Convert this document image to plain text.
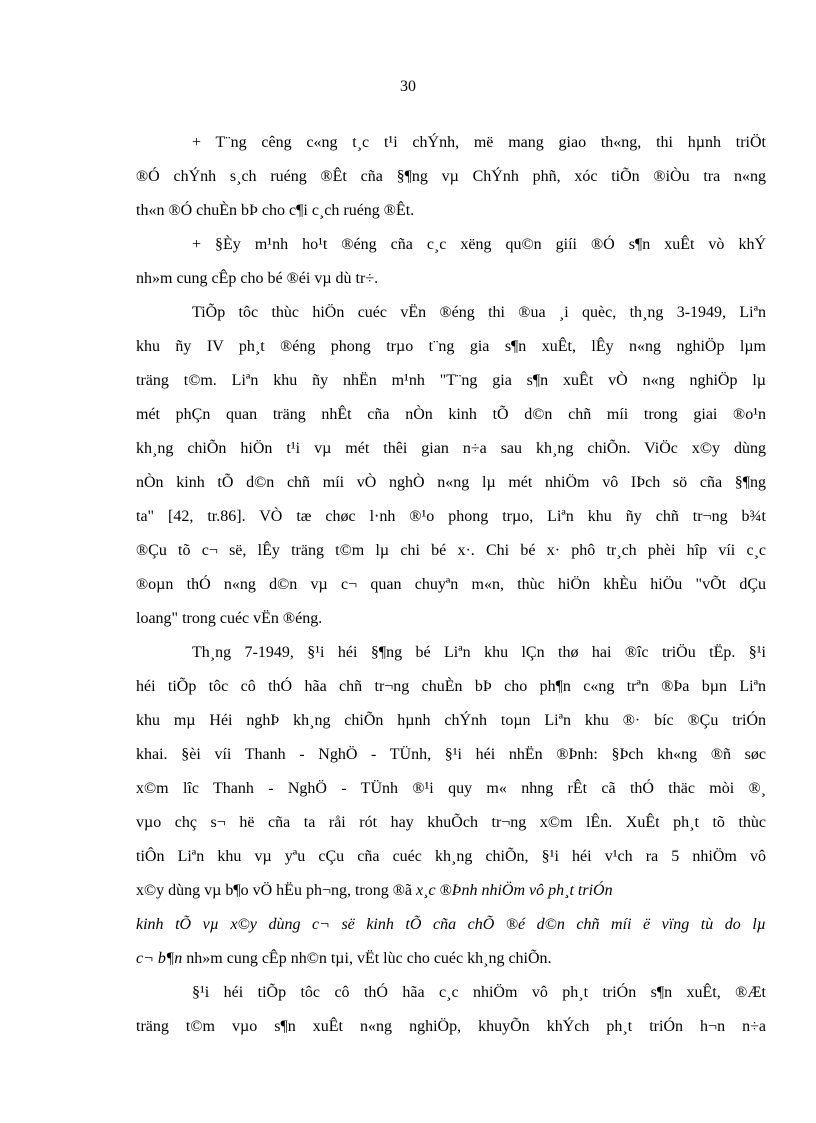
30
+ T¨ng cêng c«ng t¸c t¹i chÝnh, më mang giao th«ng, thi hµnh triÖt
®Ó chÝnh s¸ch ruéng ®Êt cña §¶ng vµ ChÝnh phñ, xóc tiÕn ®iÒu tra n«ng
th«n ®Ó chuÈn bÞ cho c¶i c¸ch ruéng ®Êt.
+ §Èy m¹nh ho¹t ®éng cña c¸c xëng qu©n giíi ®Ó s¶n xuÊt vò khÝ
nh»m cung cÊp cho bé ®éi vµ dù tr÷.
TiÕp tôc thùc hiÖn cuéc vËn ®éng thi ®ua ¸i quèc, th¸ng 3-1949, Liªn
khu ñy IV ph¸t ®éng phong trµo t¨ng gia s¶n xuÊt, lÊy n«ng nghiÖp lµm
träng t©m. Liªn khu ñy nhËn m¹nh "T¨ng gia s¶n xuÊt vÒ n«ng nghiÖp lµ
mét phÇn quan träng nhÊt cña nÒn kinh tÕ d©n chñ míi trong giai ®o¹n
kh¸ng chiÕn hiÖn t¹i vµ mét thêi gian n÷a sau kh¸ng chiÕn. ViÖc x©y dùng
nÒn kinh tÕ d©n chñ míi vÒ nghÒ n«ng lµ mét nhiÖm vô IÞch sö cña §¶ng
ta" [42, tr.86]. VÒ tæ chøc l·nh ®¹o phong trµo, Liªn khu ñy chñ tr¬ng b¾t
®Çu tõ c¬ së, lÊy träng t©m lµ chi bé x·. Chi bé x· phô tr¸ch phèi hîp víi c¸c
®oµn thÓ n«ng d©n vµ c¬ quan chuyªn m«n, thùc hiÖn khÈu hiÖu "vÕt dÇu
loang" trong cuéc vËn ®éng.
Th¸ng 7-1949, §¹i héi §¶ng bé Liªn khu lÇn thø hai ®îc triÖu tËp. §¹i
héi tiÕp tôc cô thÓ hãa chñ tr¬ng chuÈn bÞ cho ph¶n c«ng trªn ®Þa bµn Liªn
khu mµ Héi nghÞ kh¸ng chiÕn hµnh chÝnh toµn Liªn khu ®· bíc ®Çu triÓn
khai. §èi víi Thanh - NghÖ - TÜnh, §¹i héi nhËn ®Þnh: §Þch kh«ng ®ñ søc
x©m lîc Thanh - NghÖ - TÜnh ®¹i quy m« nhng rÊt cã thÓ thäc mòi ®¸
vµo chç s¬ hë cña ta råi rót hay khuÕch tr¬ng x©m lÊn. XuÊt ph¸t tõ thùc
tiÔn Liªn khu vµ yªu cÇu cña cuéc kh¸ng chiÕn, §¹i héi v¹ch ra 5 nhiÖm vô
x©y dùng vµ b¶o vÖ hËu ph¬ng, trong ®ã x¸c ®Þnh nhiÖm vô ph¸t triÓn
kinh tÕ vµ x©y dùng c¬ së kinh tÕ cña chÕ ®é d©n chñ míi ë vïng tù do lµ
c¬ b¶n nh»m cung cÊp nh©n tµi, vËt lùc cho cuéc kh¸ng chiÕn.
§¹i héi tiÕp tôc cô thÓ hãa c¸c nhiÖm vô ph¸t triÓn s¶n xuÊt, ®Æt
träng t©m vµo s¶n xuÊt n«ng nghiÖp, khuyÕn khÝch ph¸t triÓn h¬n n÷a
